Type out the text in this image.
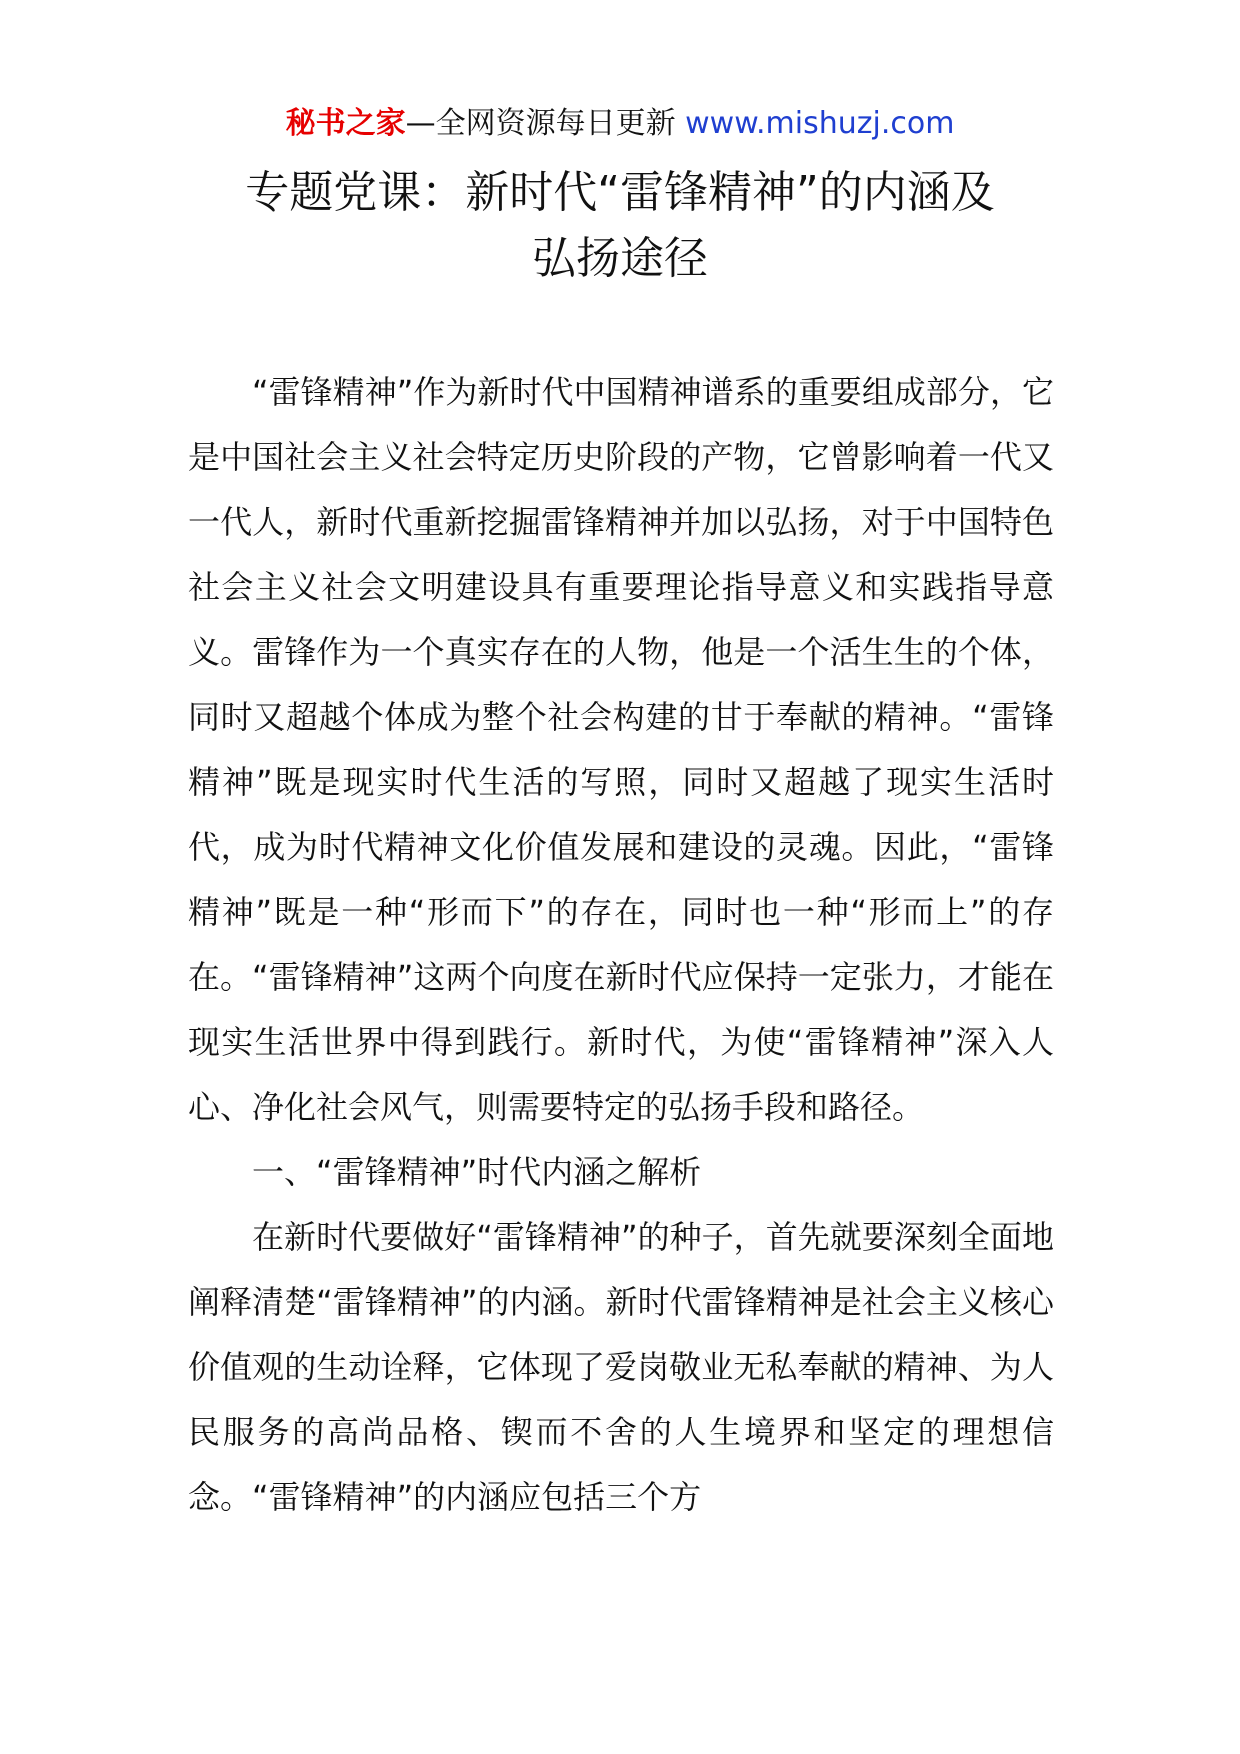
秘书之家—全网资源每日更新 www.mishuzj.com
专题党课：新时代“雷锋精神”的内涵及
弘扬途径

“雷锋精神”作为新时代中国精神谱系的重要组成部分，它是中国社会主义社会特定历史阶段的产物，它曾影响着一代又一代人，新时代重新挖掘雷锋精神并加以弘扬，对于中国特色社会主义社会文明建设具有重要理论指导意义和实践指导意义。雷锋作为一个真实存在的人物，他是一个活生生的个体，同时又超越个体成为整个社会构建的甘于奉献的精神。“雷锋精神”既是现实时代生活的写照，同时又超越了现实生活时代，成为时代精神文化价值发展和建设的灵魂。因此，“雷锋精神”既是一种“形而下”的存在，同时也一种“形而上”的存在。“雷锋精神”这两个向度在新时代应保持一定张力，才能在现实生活世界中得到践行。新时代，为使“雷锋精神”深入人心、净化社会风气，则需要特定的弘扬手段和路径。

一、“雷锋精神”时代内涵之解析

在新时代要做好“雷锋精神”的种子，首先就要深刻全面地阐释清楚“雷锋精神”的内涵。新时代雷锋精神是社会主义核心价值观的生动诠释，它体现了爱岗敬业无私奉献的精神、为人民服务的高尚品格、锲而不舍的人生境界和坚定的理想信念。“雷锋精神”的内涵应包括三个方
